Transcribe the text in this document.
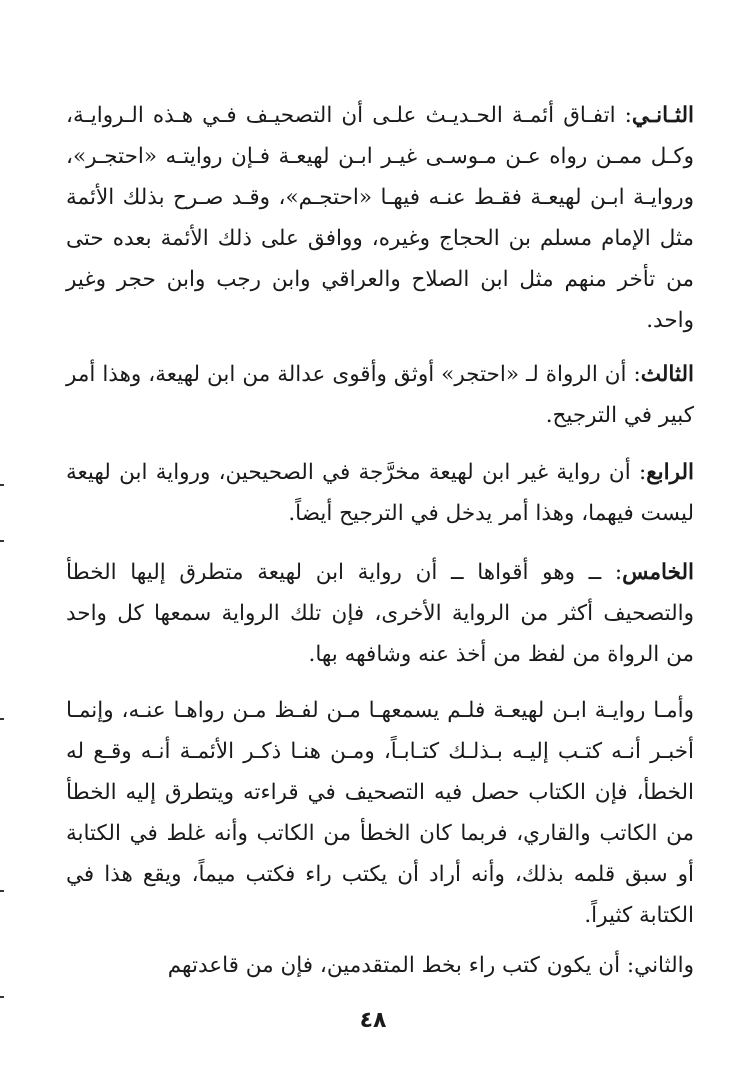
الثـانـي: اتفـاق أئمـة الحـديـث علـى أن التصحيـف فـي هـذه الـروايـة، وكـل ممـن رواه عـن مـوسـى غيـر ابـن لهيعـة فـإن روايتـه «احتجـر»، وروايـة ابـن لهيعـة فقـط عنـه فيهـا «احتجـم»، وقـد صـرح بذلك الأئمة مثل الإمام مسلم بن الحجاج وغيره، ووافق على ذلك الأئمة بعده حتى من تأخر منهم مثل ابن الصلاح والعراقي وابن رجب وابن حجر وغير واحد.

الثالث: أن الرواة لـ «احتجر» أوثق وأقوى عدالة من ابن لهيعة، وهذا أمر كبير في الترجيح.

الرابع: أن رواية غير ابن لهيعة مخرَّجة في الصحيحين، ورواية ابن لهيعة ليست فيهما، وهذا أمر يدخل في الترجيح أيضاً.

الخامس: ــ وهو أقواها ــ أن رواية ابن لهيعة متطرق إليها الخطأ والتصحيف أكثر من الرواية الأخرى، فإن تلك الرواية سمعها كل واحد من الرواة من لفظ من أخذ عنه وشافهه بها.

وأمـا روايـة ابـن لهيعـة فلـم يسمعهـا مـن لفـظ مـن رواهـا عنـه، وإنمـا أخبـر أنـه كتـب إليـه بـذلـك كتـابـاً، ومـن هنـا ذكـر الأئمـة أنـه وقـع له الخطأ، فإن الكتاب حصل فيه التصحيف في قراءته ويتطرق إليه الخطأ من الكاتب والقاري، فربما كان الخطأ من الكاتب وأنه غلط في الكتابة أو سبق قلمه بذلك، وأنه أراد أن يكتب راء فكتب ميماً، ويقع هذا في الكتابة كثيراً.

والثاني: أن يكون كتب راء بخط المتقدمين، فإن من قاعدتهم

٤٨
